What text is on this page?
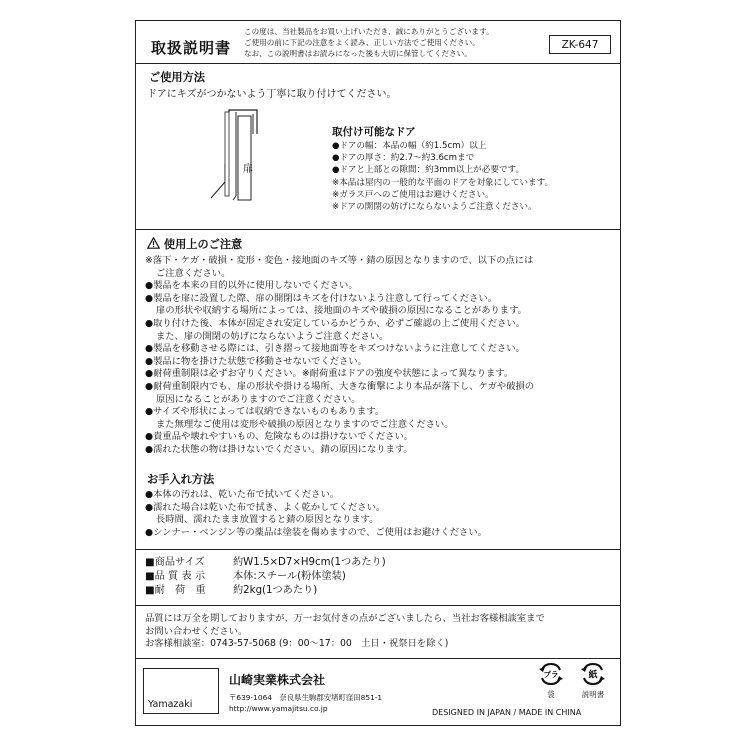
取扱説明書
この度は、当社製品をお買い上げいただき、誠にありがとうございます。
ご使用の前に下記の注意をよく読み、正しい方法でご使用ください。
なお、この説明書はお読みになった後も大切に保管してください。
ZK-647
ご使用方法
ドアにキズがつかないよう丁寧に取り付けてください。
扉
取付け可能なドア
●ドアの幅：本品の幅（約1.5cm）以上
●ドアの厚さ：約2.7～約3.6cmまで
●ドアと上部との隙間：約3mm以上が必要です。
※本品は屋内の一般的な平面のドアを対象にしています。
※ガラス戸へのご使用はお避けください。
※ドアの開閉の妨げにならないようご注意ください。
使用上のご注意
※落下・ケガ・破損・変形・変色・接地面のキズ等・錆の原因となりますので、以下の点には
ご注意ください。
●製品を本来の目的以外に使用しないでください。
●製品を扉に設置した際、扉の開閉はキズを付けないよう注意して行ってください。
扉の形状や収納する場所によっては、接地面のキズや破損の原因になることがあります。
●取り付けた後、本体が固定され安定しているかどうか、必ずご確認の上ご使用ください。
また、扉の開閉の妨げにならないようご注意ください。
●製品を移動させる際には、引き摺って接地面等をキズつけないように注意してください。
●製品に物を掛けた状態で移動させないでください。
●耐荷重制限は必ずお守りください。※耐荷重はドアの強度や状態によって異なります。
●耐荷重制限内でも、扉の形状や掛ける場所、大きな衝撃により本品が落下し、ケガや破損の
原因になることがありますのでご注意ください。
●サイズや形状によっては収納できないものもあります。
また無理なご使用は変形や破損の原因となりますのでご注意ください。
●貴重品や壊れやすいもの、危険なものは掛けないでください。
●濡れた状態の物は掛けないでください。錆の原因になります。
お手入れ方法
●本体の汚れは、乾いた布で拭いてください。
●濡れた場合は乾いた布で拭き、よく乾かしてください。
長時間、濡れたまま放置すると錆の原因となります。
●シンナー・ベンジン等の薬品は塗装を傷めますので、ご使用はお避けください。
■商品サイズ	約W1.5×D7×H9cm(1つあたり)
■品 質 表 示	本体:スチール(粉体塗装)
■耐　荷　重	約2kg(1つあたり)
品質には万全を期しておりますが、万一お気付きの点がございましたら、当社お客様相談室まで
お問い合わせください。
お客様相談室：0743-57-5068 (9：00～17：00　土日・祝祭日を除く)
Yamazaki
山崎実業株式会社
〒639-1064　奈良県生駒郡安堵町窪田851-1
http://www.yamajitsu.co.jp
プラ
袋
紙
説明書
DESIGNED IN JAPAN / MADE IN CHINA
